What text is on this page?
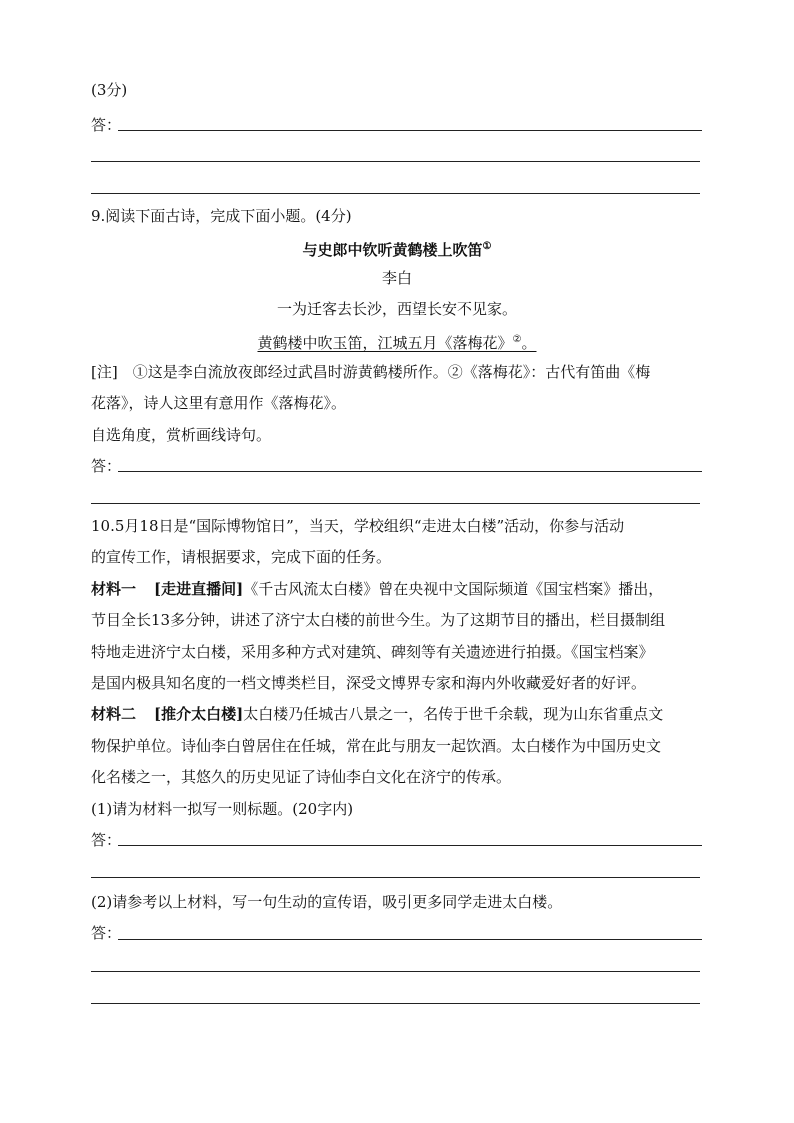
(3分)
答：
9.阅读下面古诗，完成下面小题。(4分)
与史郎中钦听黄鹤楼上吹笛①
李白
一为迁客去长沙，西望长安不见家。
黄鹤楼中吹玉笛，江城五月《落梅花》②。
[注]　①这是李白流放夜郎经过武昌时游黄鹤楼所作。②《落梅花》：古代有笛曲《梅
花落》，诗人这里有意用作《落梅花》。
自选角度，赏析画线诗句。
答：
10.5月18日是“国际博物馆日”，当天，学校组织“走进太白楼”活动，你参与活动
的宣传工作，请根据要求，完成下面的任务。
材料一 [走进直播间]《千古风流太白楼》曾在央视中文国际频道《国宝档案》播出，
节目全长13多分钟，讲述了济宁太白楼的前世今生。为了这期节目的播出，栏目摄制组
特地走进济宁太白楼，采用多种方式对建筑、碑刻等有关遗迹进行拍摄。《国宝档案》
是国内极具知名度的一档文博类栏目，深受文博界专家和海内外收藏爱好者的好评。
材料二 [推介太白楼]太白楼乃任城古八景之一，名传于世千余载，现为山东省重点文
物保护单位。诗仙李白曾居住在任城，常在此与朋友一起饮酒。太白楼作为中国历史文
化名楼之一，其悠久的历史见证了诗仙李白文化在济宁的传承。
(1)请为材料一拟写一则标题。(20字内)
答：
(2)请参考以上材料，写一句生动的宣传语，吸引更多同学走进太白楼。
答：
